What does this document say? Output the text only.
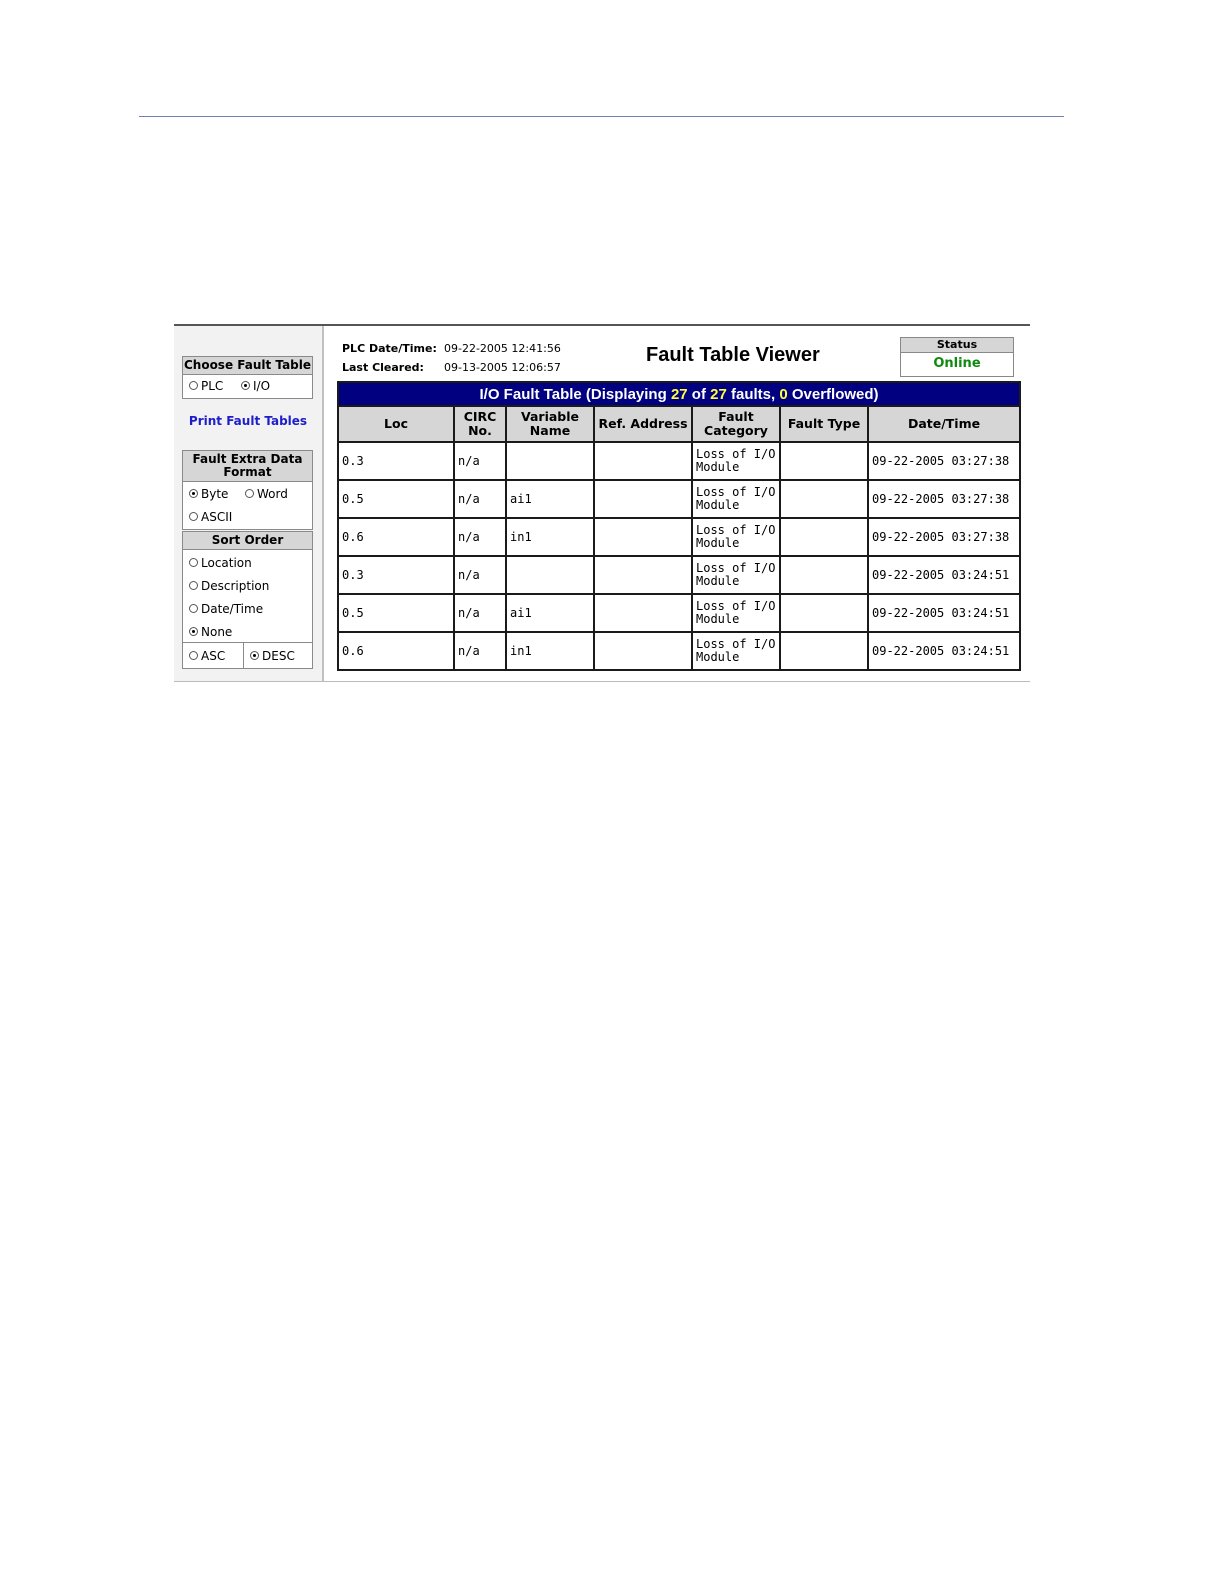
Choose Fault Table
PLC	I/O
Print Fault Tables
Fault Extra Data Format
Byte	Word
ASCII
Sort Order
Location
Description
Date/Time
None
ASC	DESC
PLC Date/Time: 09-22-2005 12:41:56
Last Cleared: 09-13-2005 12:06:57
Fault Table Viewer	Status
Online
I/O Fault Table (Displaying 27 of 27 faults, 0 Overflowed)						
Loc	CIRC No.	Variable Name	Ref. Address	Fault Category	Fault Type	Date/Time
0.3	n/a			Loss of I/O Module		09-22-2005 03:27:38
0.5	n/a	ai1		Loss of I/O Module		09-22-2005 03:27:38
0.6	n/a	in1		Loss of I/O Module		09-22-2005 03:27:38
0.3	n/a			Loss of I/O Module		09-22-2005 03:24:51
0.5	n/a	ai1		Loss of I/O Module		09-22-2005 03:24:51
0.6	n/a	in1		Loss of I/O Module		09-22-2005 03:24:51
